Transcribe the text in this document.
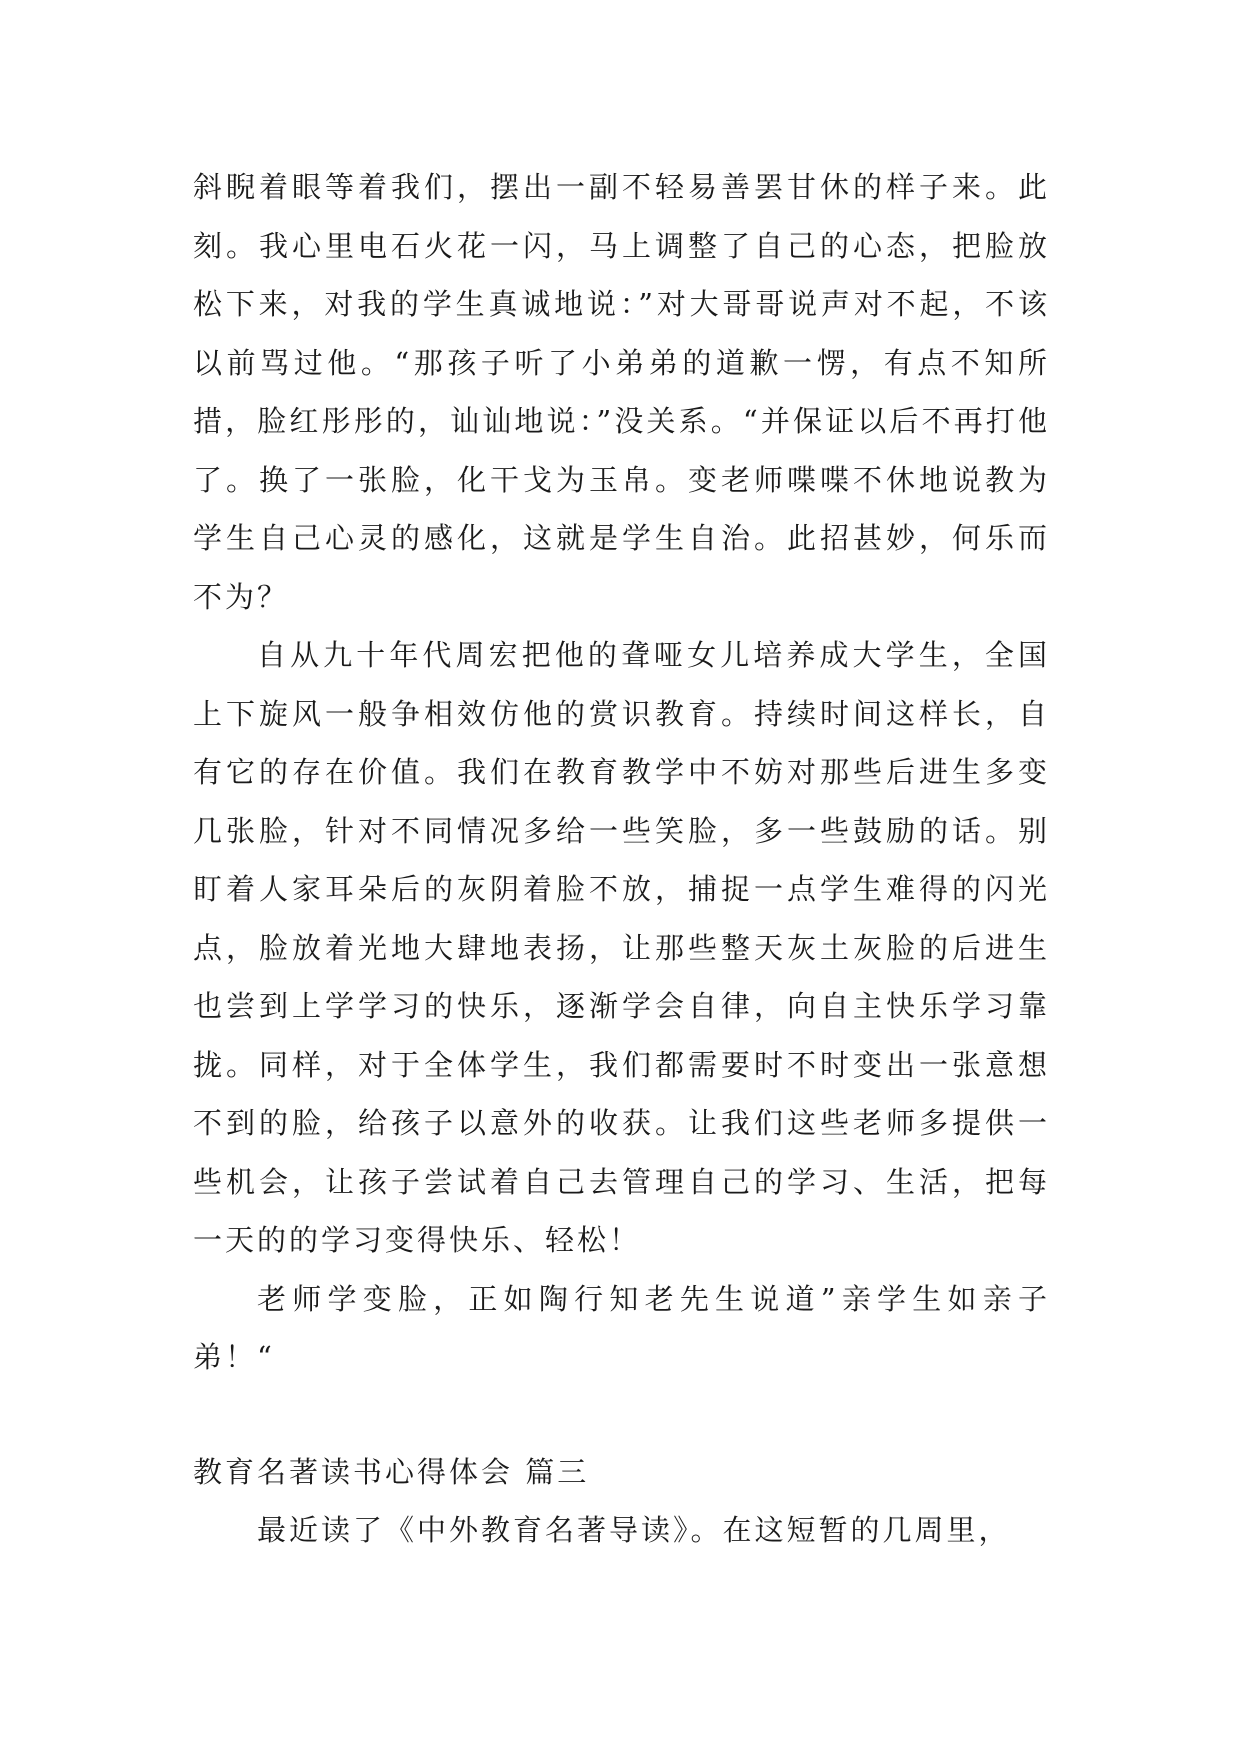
斜睨着眼等着我们，摆出一副不轻易善罢甘休的样子来。此刻。我心里电石火花一闪，马上调整了自己的心态，把脸放松下来，对我的学生真诚地说：”对大哥哥说声对不起，不该以前骂过他。“那孩子听了小弟弟的道歉一愣，有点不知所措，脸红彤彤的，讪讪地说：”没关系。“并保证以后不再打他了。换了一张脸，化干戈为玉帛。变老师喋喋不休地说教为学生自己心灵的感化，这就是学生自治。此招甚妙，何乐而不为？

自从九十年代周宏把他的聋哑女儿培养成大学生，全国上下旋风一般争相效仿他的赏识教育。持续时间这样长，自有它的存在价值。我们在教育教学中不妨对那些后进生多变几张脸，针对不同情况多给一些笑脸，多一些鼓励的话。别盯着人家耳朵后的灰阴着脸不放，捕捉一点学生难得的闪光点，脸放着光地大肆地表扬，让那些整天灰土灰脸的后进生也尝到上学学习的快乐，逐渐学会自律，向自主快乐学习靠拢。同样，对于全体学生，我们都需要时不时变出一张意想不到的脸，给孩子以意外的收获。让我们这些老师多提供一些机会，让孩子尝试着自己去管理自己的学习、生活，把每一天的的学习变得快乐、轻松！

老师学变脸，正如陶行知老先生说道”亲学生如亲子弟！“

教育名著读书心得体会 篇三

最近读了《中外教育名著导读》。在这短暂的几周里，
